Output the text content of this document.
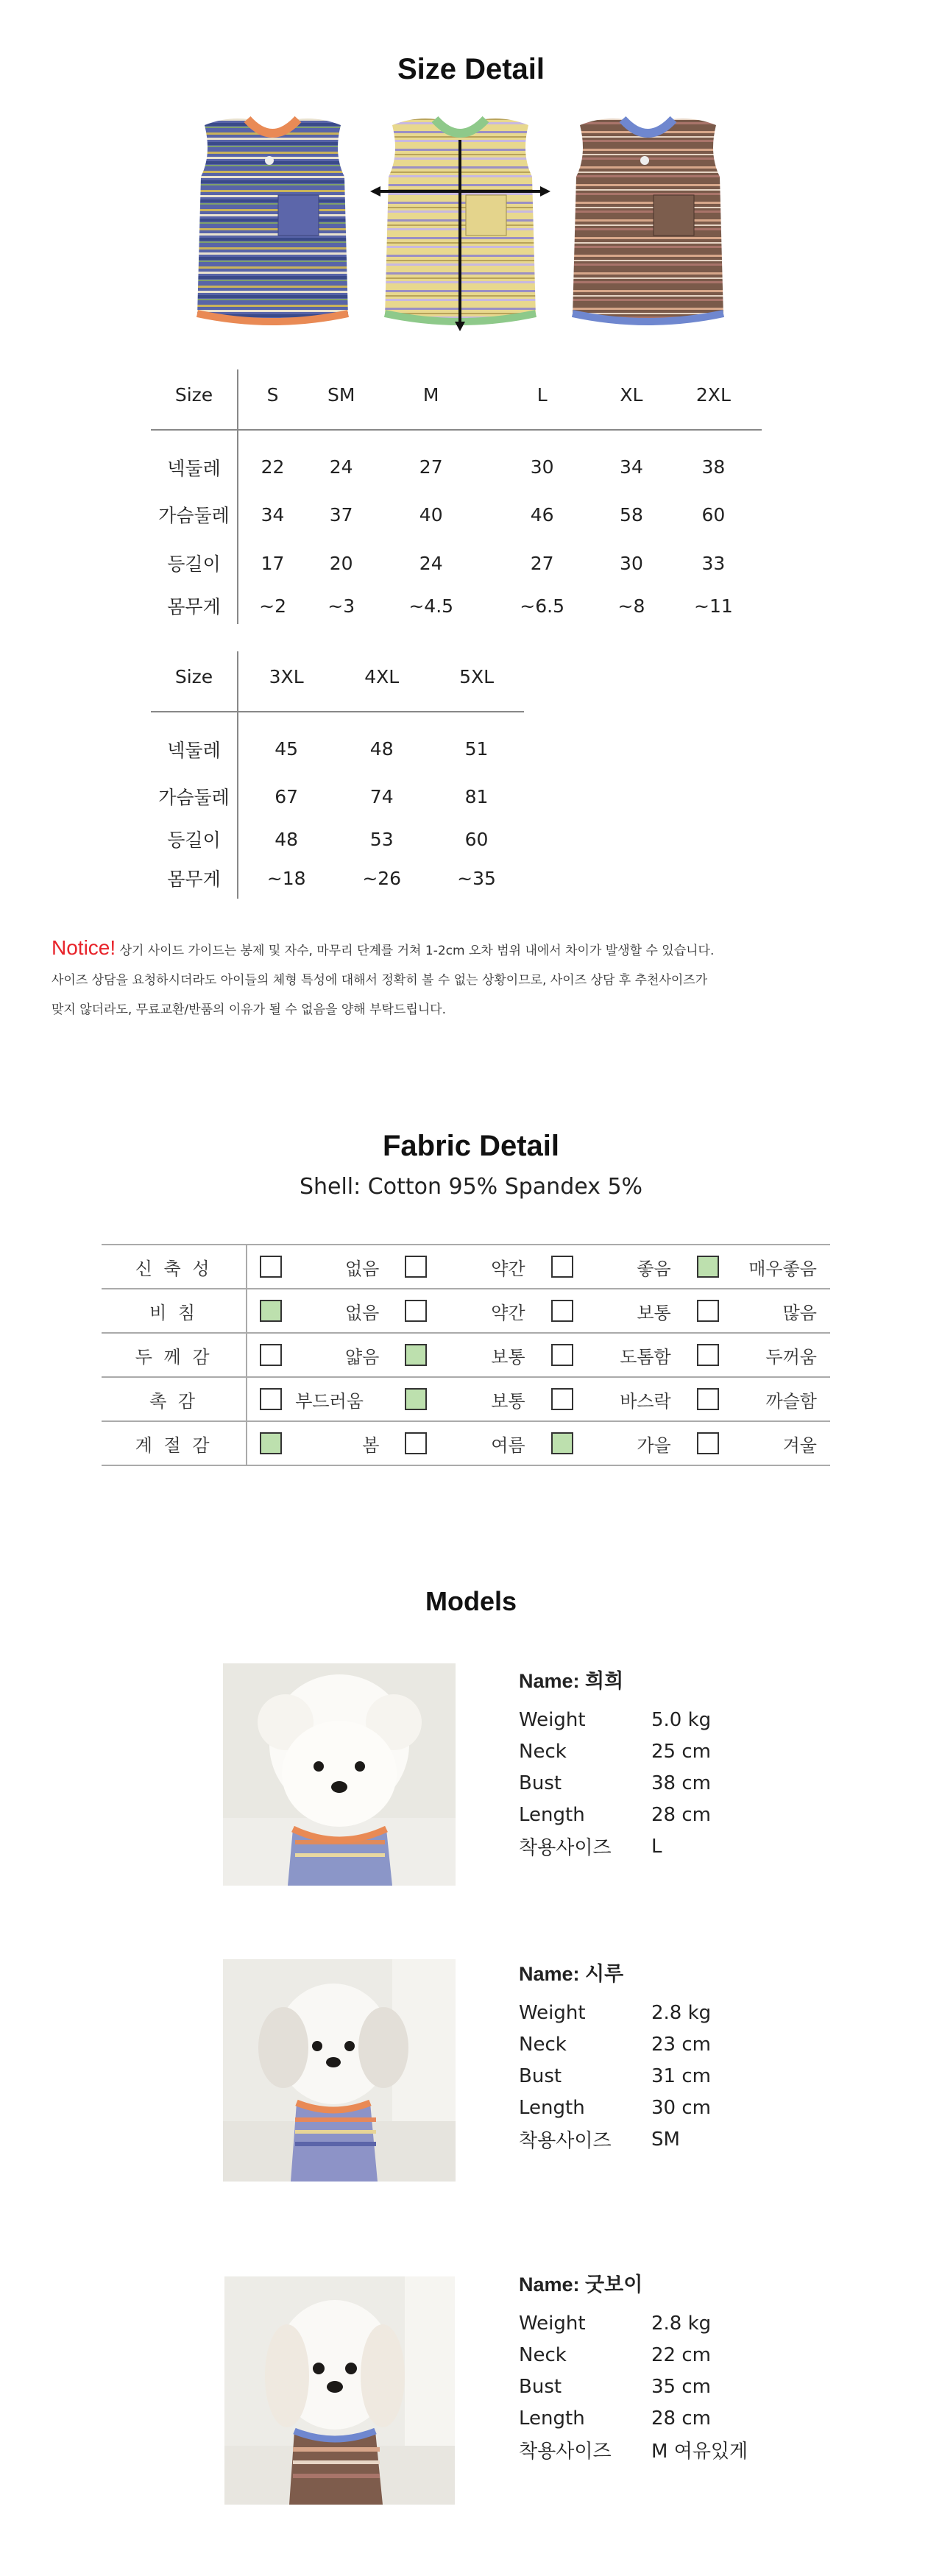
Size Detail
Size	S	SM	M	L	XL	2XL
넥둘레	22	24	27	30	34	38
가슴둘레	34	37	40	46	58	60
등길이	17	20	24	27	30	33
몸무게	~2	~3	~4.5	~6.5	~8	~11
Size	3XL	4XL	5XL
넥둘레	45	48	51
가슴둘레	67	74	81
등길이	48	53	60
몸무게	~18	~26	~35
Notice! 상기 사이드 가이드는 봉제 및 자수, 마무리 단계를 거쳐 1-2cm 오차 범위 내에서 차이가 발생할 수 있습니다.
사이즈 상담을 요청하시더라도 아이들의 체형 특성에 대해서 정확히 볼 수 없는 상황이므로, 사이즈 상담 후 추천사이즈가
맞지 않더라도, 무료교환/반품의 이유가 될 수 없음을 양해 부탁드립니다.
Fabric Detail
Shell: Cotton 95% Spandex 5%
신 축 성		없음		약간		좋음		매우좋음
비 침		없음		약간		보통		많음
두 께 감		얇음		보통		도톰함		두꺼움
촉 감		부드러움		보통		바스락		까슬함
계 절 감		봄		여름		가을		겨울
Models
Name: 희희
Weight	5.0 kg
Neck	25 cm
Bust	38 cm
Length	28 cm
착용사이즈	L
Name: 시루
Weight	2.8 kg
Neck	23 cm
Bust	31 cm
Length	30 cm
착용사이즈	SM
Name: 굿보이
Weight	2.8 kg
Neck	22 cm
Bust	35 cm
Length	28 cm
착용사이즈	M 여유있게
